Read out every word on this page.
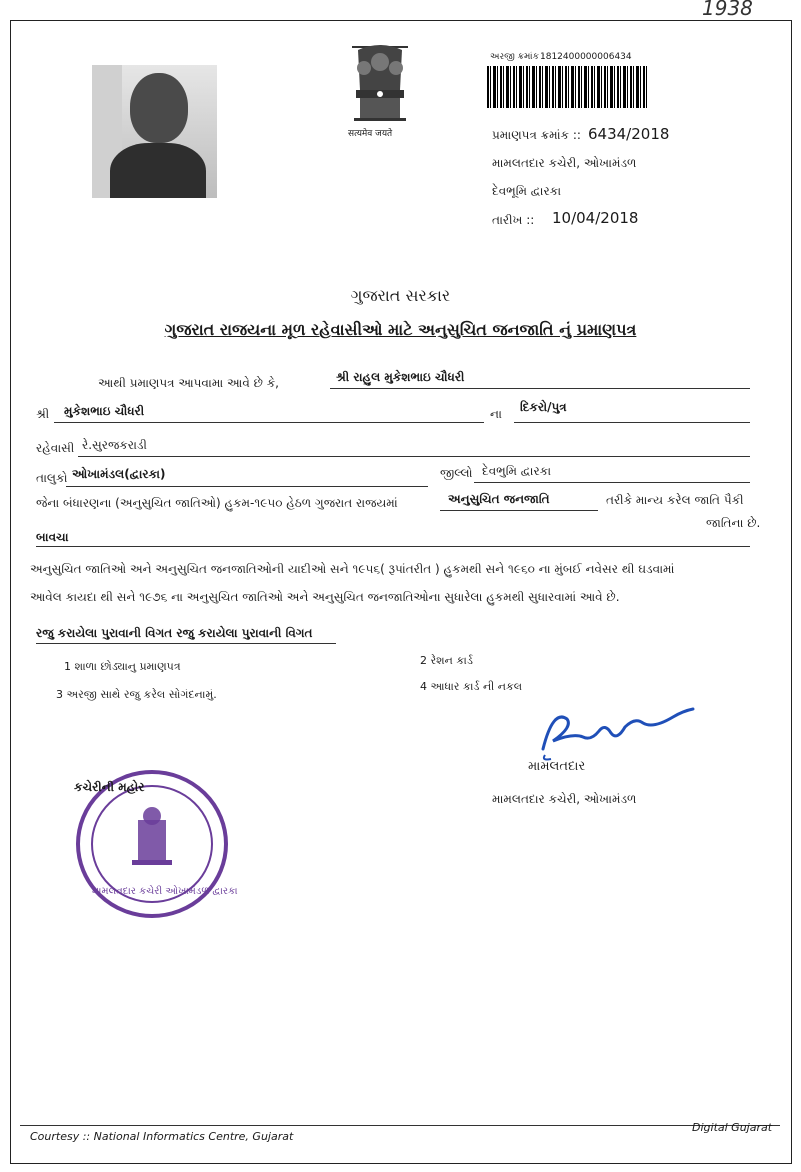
1938
सत्यमेव जयते
અરજી ક્રમાંક :
1812400000006434
પ્રમાણપત્ર ક્રમાંક :: 6434/2018
મામલતદાર કચેરી, ઓખામંડળ
દેવભૂમિ દ્વારકા
તારીખ :: 10/04/2018
ગુજરાત સરકાર
ગુજરાત રાજયના મૂળ રહેવાસીઓ માટે અનુસુચિત જનજાતિ નું પ્રમાણપત્ર
આથી પ્રમાણપત્ર આપવામા આવે છે કે,	શ્રી રાહુલ મુકેશભાઇ ચૌધરી
શ્રી મુકેશભાઇ ચૌધરી	ના દિકરો/પુત્ર
રહેવાસી રે.સુરજકરાડી
તાલુકો ઓખામંડલ(દ્વારકા)	જીલ્લો દેવભુમિ દ્વારકા
જેના બંધારણના (અનુસુચિત જાતિઓ) હુકમ-૧૯૫૦ હેઠળ ગુજરાત રાજયમાં	અનુસુચિત જનજાતિ	તરીકે માન્ય કરેલ જાતિ પૈકી
જાતિના છે.
બાવચા
અનુસુચિત જાતિઓ અને અનુસુચિત જનજાતિઓની યાદીઓ સને ૧૯૫૬( રૂપાંતરીત ) હુકમથી સને ૧૯૬૦ ના મુંબઈ નવેસર થી ઘડવામાં
આવેલ કાયદા થી સને ૧૯૭૬ ના અનુસુચિત જાતિઓ અને અનુસુચિત જનજાતિઓના સુધારેલા હુકમથી સુધારવામાં આવે છે.
રજુ કરાયેલા પુરાવાની વિગત રજુ કરાયેલા પુરાવાની વિગત
1 શાળા છોડ્યાનુ પ્રમાણપત્ર	2 રેશન કાર્ડ
3 અરજી સાથે રજુ કરેલ સોગંદનામું.
4 આધાર કાર્ડ ની નકલ
મામલતદાર
મામલતદાર કચેરી, ઓખામંડળ
કચેરીની મહોર
મામલતદાર કચેરી ઓખામંડળ દ્વારકા
Courtesy :: National Informatics Centre, Gujarat
Digital Gujarat
